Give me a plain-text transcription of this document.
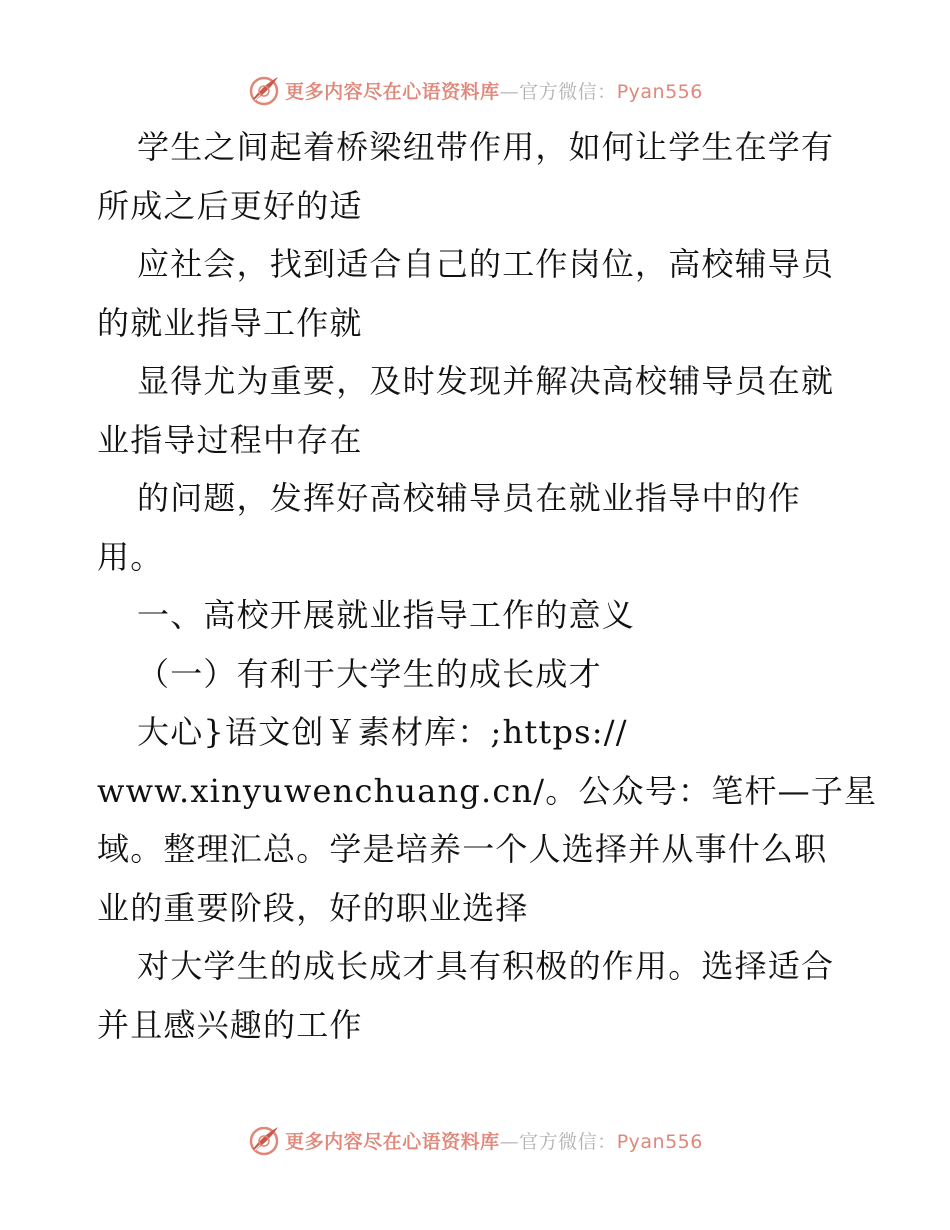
更多内容尽在心语资料库—官方微信：Pyan556
学生之间起着桥梁纽带作用，如何让学生在学有
所成之后更好的适
应社会，找到适合自己的工作岗位，高校辅导员
的就业指导工作就
显得尤为重要，及时发现并解决高校辅导员在就
业指导过程中存在
的问题，发挥好高校辅导员在就业指导中的作
用。
一、高校开展就业指导工作的意义
（一）有利于大学生的成长成才
大心}语文创￥素材库：;https://
www.xinyuwenchuang.cn/。公众号：笔杆—子星
域。整理汇总。学是培养一个人选择并从事什么职
业的重要阶段，好的职业选择
对大学生的成长成才具有积极的作用。选择适合
并且感兴趣的工作
更多内容尽在心语资料库—官方微信：Pyan556
